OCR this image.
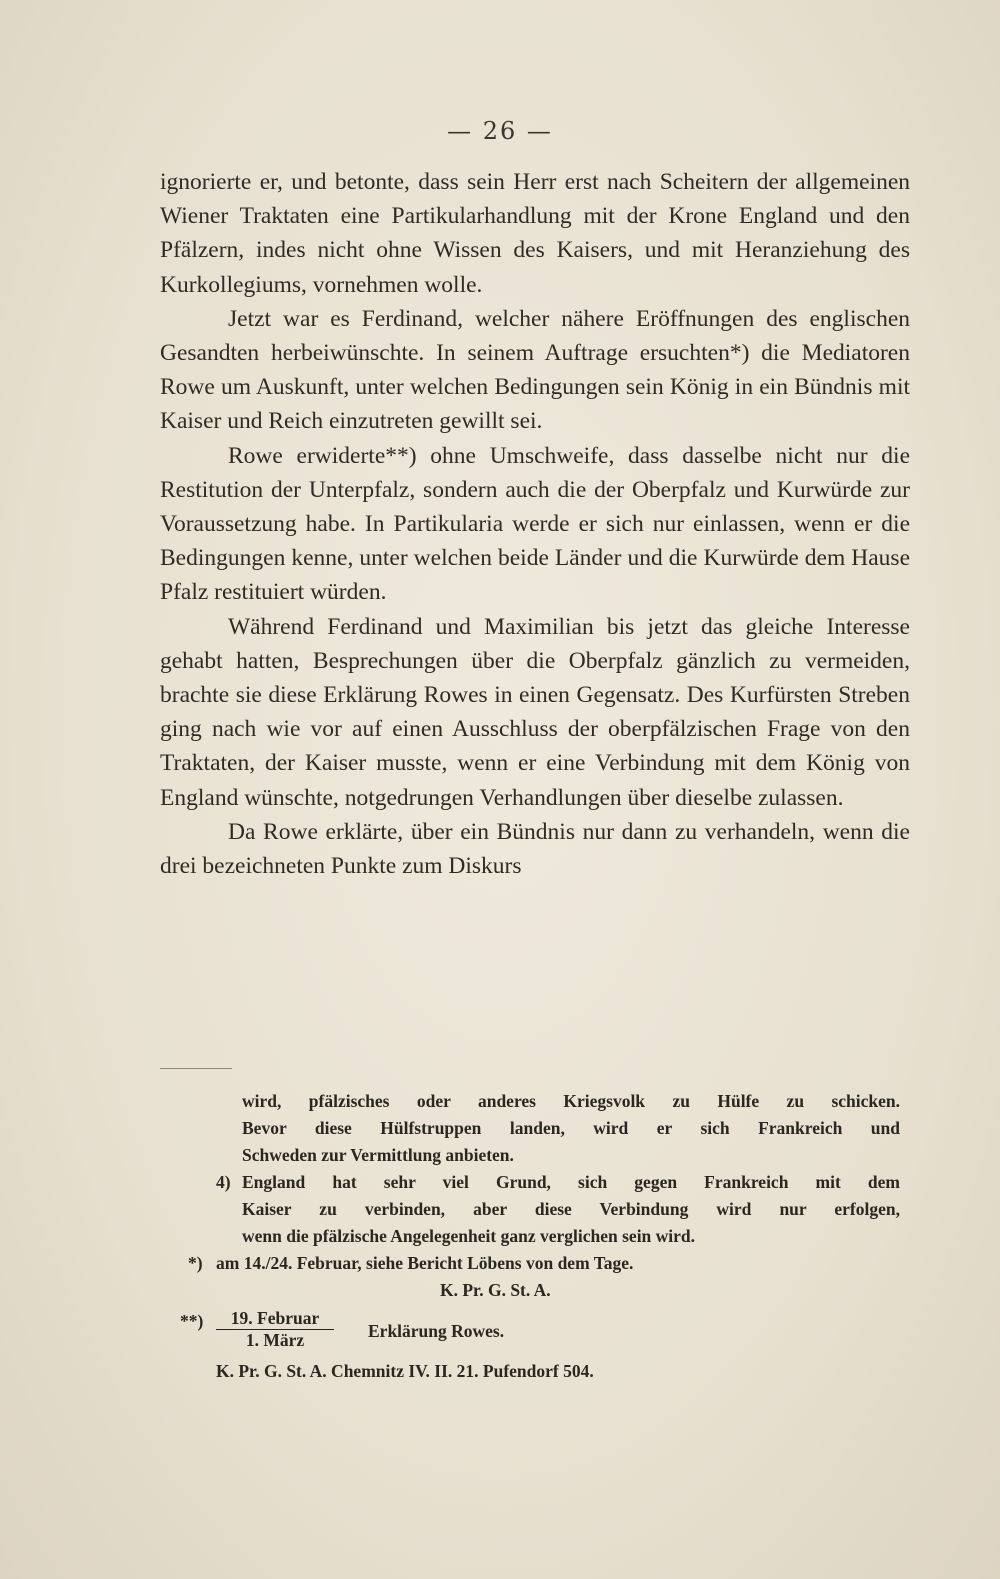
— 26 —

ignorierte er, und betonte, dass sein Herr erst nach Scheitern der allgemeinen Wiener Traktaten eine Partikularhandlung mit der Krone England und den Pfälzern, indes nicht ohne Wissen des Kaisers, und mit Heranziehung des Kurkollegiums, vornehmen wolle.

Jetzt war es Ferdinand, welcher nähere Eröffnungen des englischen Gesandten herbeiwünschte. In seinem Auftrage ersuchten*) die Mediatoren Rowe um Auskunft, unter welchen Bedingungen sein König in ein Bündnis mit Kaiser und Reich einzutreten gewillt sei.

Rowe erwiderte**) ohne Umschweife, dass dasselbe nicht nur die Restitution der Unterpfalz, sondern auch die der Oberpfalz und Kurwürde zur Voraussetzung habe. In Partikularia werde er sich nur einlassen, wenn er die Bedingungen kenne, unter welchen beide Länder und die Kurwürde dem Hause Pfalz restituiert würden.

Während Ferdinand und Maximilian bis jetzt das gleiche Interesse gehabt hatten, Besprechungen über die Oberpfalz gänzlich zu vermeiden, brachte sie diese Erklärung Rowes in einen Gegensatz. Des Kurfürsten Streben ging nach wie vor auf einen Ausschluss der oberpfälzischen Frage von den Traktaten, der Kaiser musste, wenn er eine Verbindung mit dem König von England wünschte, notgedrungen Verhandlungen über dieselbe zulassen.

Da Rowe erklärte, über ein Bündnis nur dann zu verhandeln, wenn die drei bezeichneten Punkte zum Diskurs

wird, pfälzisches oder anderes Kriegsvolk zu Hülfe zu schicken.
Bevor diese Hülfstruppen landen, wird er sich Frankreich und
Schweden zur Vermittlung anbieten.
4) England hat sehr viel Grund, sich gegen Frankreich mit dem
Kaiser zu verbinden, aber diese Verbindung wird nur erfolgen,
wenn die pfälzische Angelegenheit ganz verglichen sein wird.
*) am 14./24. Februar, siehe Bericht Löbens von dem Tage.
K. Pr. G. St. A.
**)	19. Februar
1. März	Erklärung Rowes.
K. Pr. G. St. A. Chemnitz IV. II. 21. Pufendorf 504.
